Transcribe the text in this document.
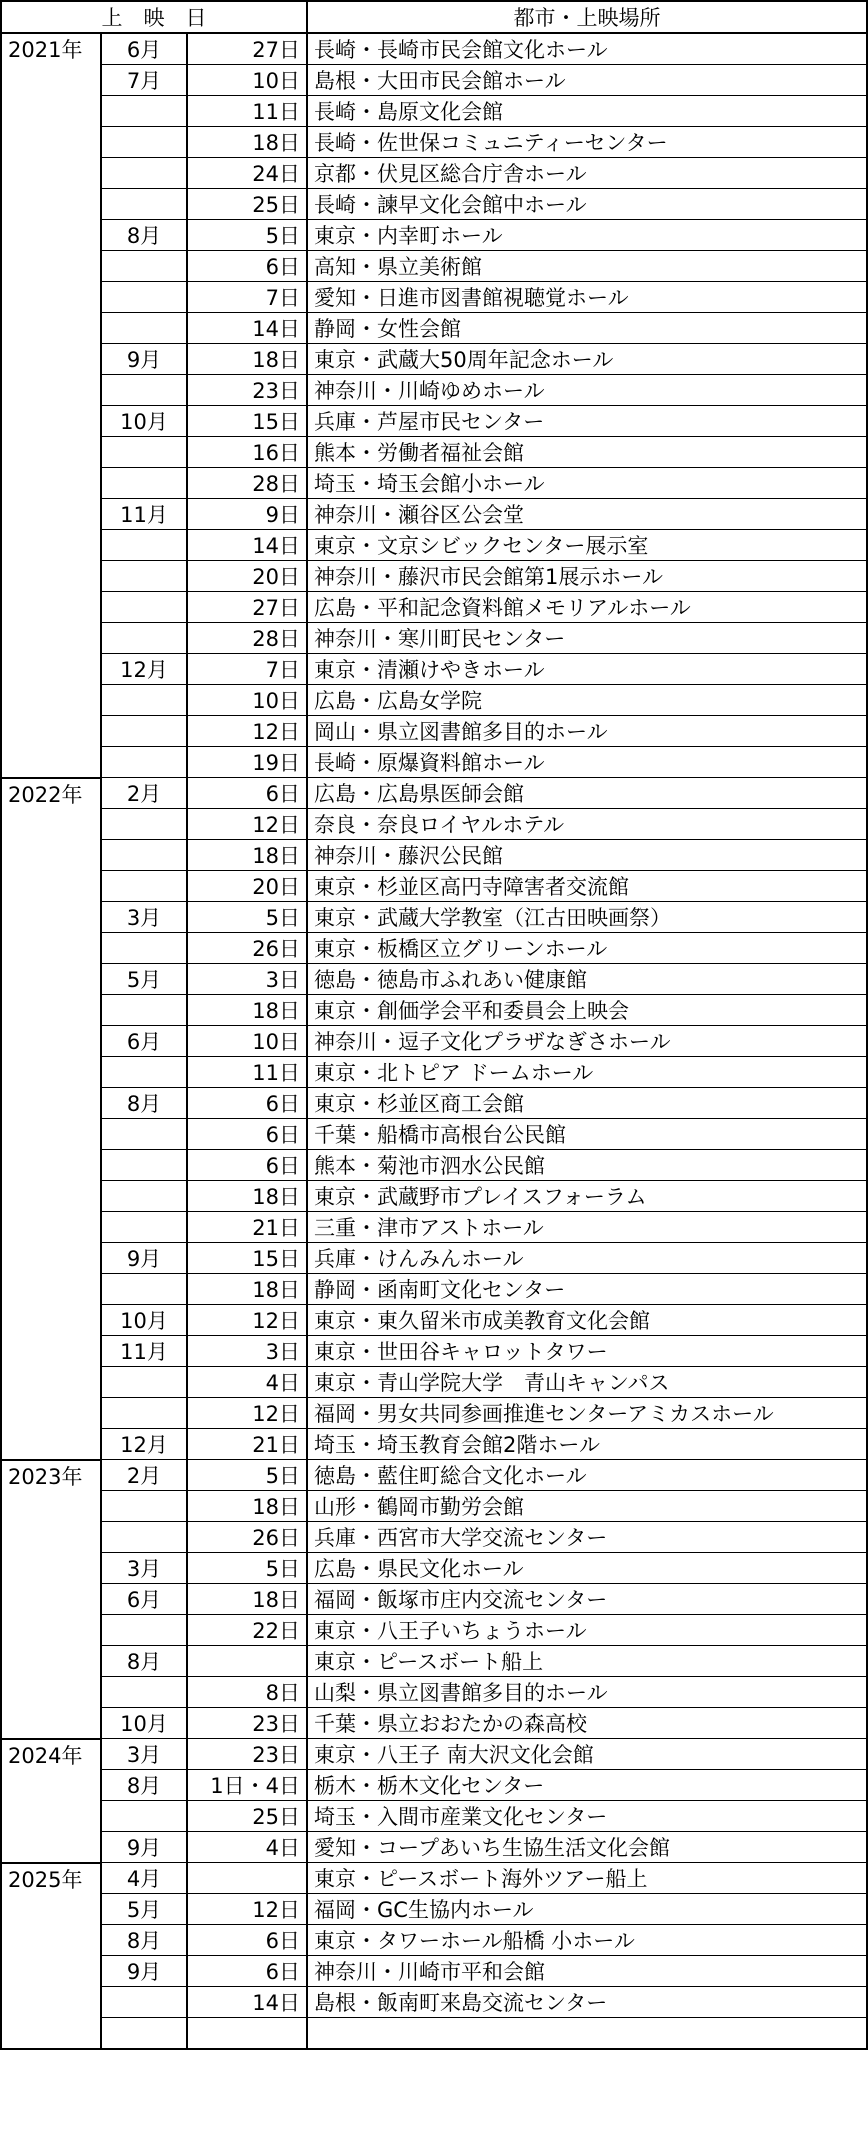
上　映　日			都市・上映場所
2021年	6月	27日	長崎・長崎市民会館文化ホール
	7月	10日	島根・大田市民会館ホール
		11日	長崎・島原文化会館
		18日	長崎・佐世保コミュニティーセンター
		24日	京都・伏見区総合庁舎ホール
		25日	長崎・諫早文化会館中ホール
	8月	5日	東京・内幸町ホール
		6日	高知・県立美術館
		7日	愛知・日進市図書館視聴覚ホール
		14日	静岡・女性会館
	9月	18日	東京・武蔵大50周年記念ホール
		23日	神奈川・川崎ゆめホール
	10月	15日	兵庫・芦屋市民センター
		16日	熊本・労働者福祉会館
		28日	埼玉・埼玉会館小ホール
	11月	9日	神奈川・瀬谷区公会堂
		14日	東京・文京シビックセンター展示室
		20日	神奈川・藤沢市民会館第1展示ホール
		27日	広島・平和記念資料館メモリアルホール
		28日	神奈川・寒川町民センター
	12月	7日	東京・清瀬けやきホール
		10日	広島・広島女学院
		12日	岡山・県立図書館多目的ホール
		19日	長崎・原爆資料館ホール
2022年	2月	6日	広島・広島県医師会館
		12日	奈良・奈良ロイヤルホテル
		18日	神奈川・藤沢公民館
		20日	東京・杉並区高円寺障害者交流館
	3月	5日	東京・武蔵大学教室（江古田映画祭）
		26日	東京・板橋区立グリーンホール
	5月	3日	徳島・徳島市ふれあい健康館
		18日	東京・創価学会平和委員会上映会
	6月	10日	神奈川・逗子文化プラザなぎさホール
		11日	東京・北トピア ドームホール
	8月	6日	東京・杉並区商工会館
		6日	千葉・船橋市高根台公民館
		6日	熊本・菊池市泗水公民館
		18日	東京・武蔵野市プレイスフォーラム
		21日	三重・津市アストホール
	9月	15日	兵庫・けんみんホール
		18日	静岡・函南町文化センター
	10月	12日	東京・東久留米市成美教育文化会館
	11月	3日	東京・世田谷キャロットタワー
		4日	東京・青山学院大学　青山キャンパス
		12日	福岡・男女共同参画推進センターアミカスホール
	12月	21日	埼玉・埼玉教育会館2階ホール
2023年	2月	5日	徳島・藍住町総合文化ホール
		18日	山形・鶴岡市勤労会館
		26日	兵庫・西宮市大学交流センター
	3月	5日	広島・県民文化ホール
	6月	18日	福岡・飯塚市庄内交流センター
		22日	東京・八王子いちょうホール
	8月		東京・ピースボート船上
		8日	山梨・県立図書館多目的ホール
	10月	23日	千葉・県立おおたかの森高校
2024年	3月	23日	東京・八王子 南大沢文化会館
	8月	1日・4日	栃木・栃木文化センター
		25日	埼玉・入間市産業文化センター
	9月	4日	愛知・コープあいち生協生活文化会館
2025年	4月		東京・ピースボート海外ツアー船上
	5月	12日	福岡・GC生協内ホール
	8月	6日	東京・タワーホール船橋 小ホール
	9月	6日	神奈川・川崎市平和会館
		14日	島根・飯南町来島交流センター
